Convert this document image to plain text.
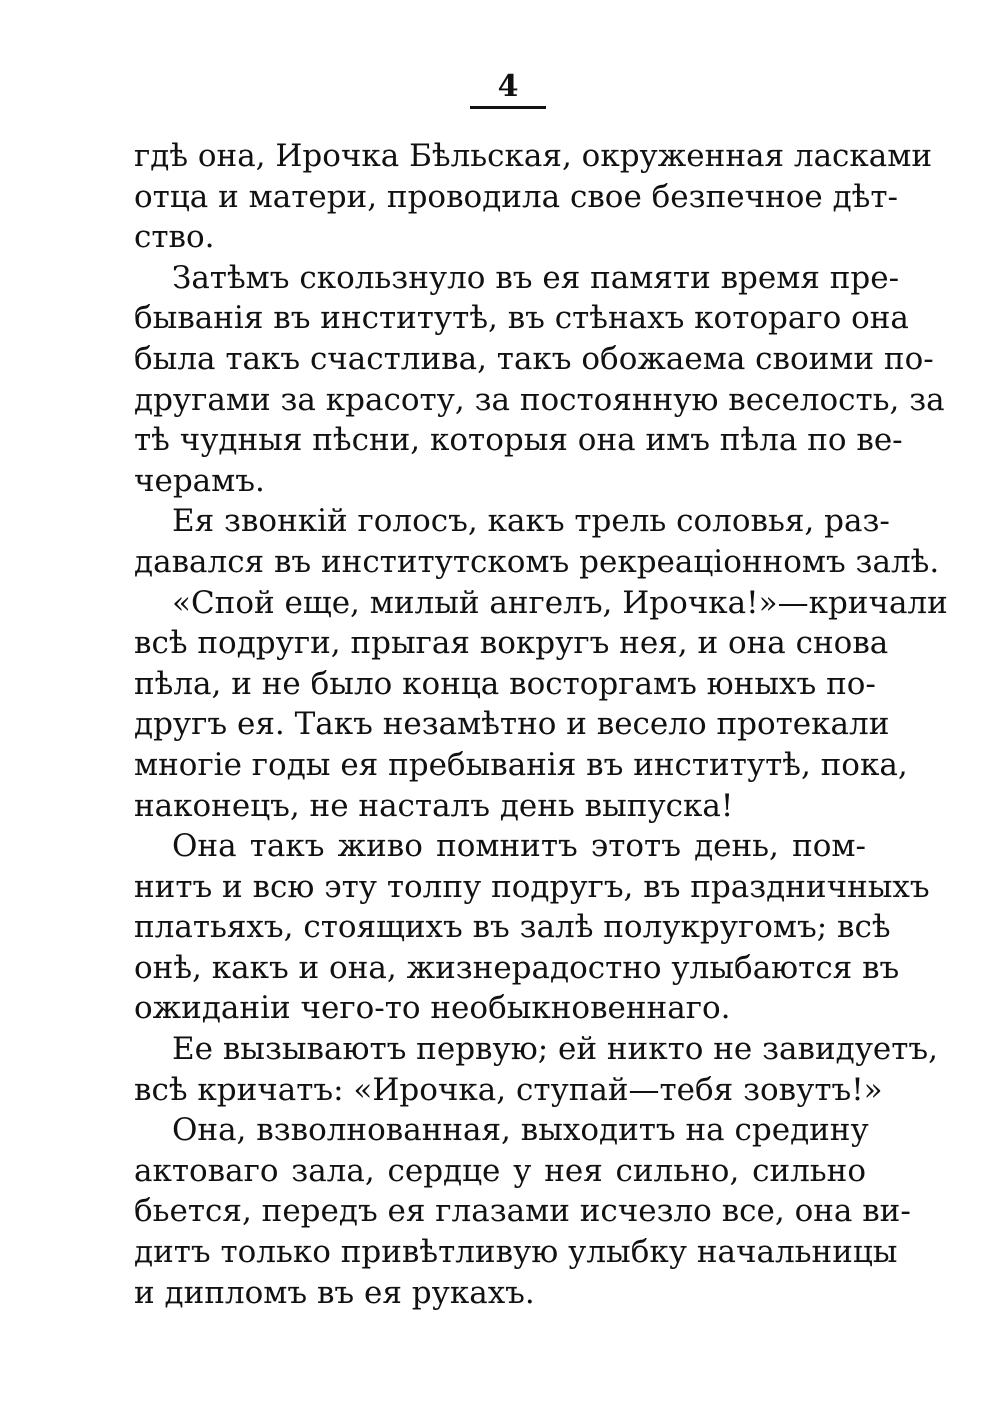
4
гдѣ она, Ирочка Бѣльская, окруженная ласками
отца и матери, проводила свое безпечное дѣт-
ство.
Затѣмъ скользнуло въ ея памяти время пре-
быванія въ институтѣ, въ стѣнахъ котораго она
была такъ счастлива, такъ обожаема своими по-
другами за красоту, за постоянную веселость, за
тѣ чудныя пѣсни, которыя она имъ пѣла по ве-
черамъ.
Ея звонкій голосъ, какъ трель соловья, раз-
давался въ институтскомъ рекреаціонномъ залѣ.
«Спой еще, милый ангелъ, Ирочка!»—кричали
всѣ подруги, прыгая вокругъ нея, и она снова
пѣла, и не было конца восторгамъ юныхъ по-
другъ ея. Такъ незамѣтно и весело протекали
многіе годы ея пребыванія въ институтѣ, пока,
наконецъ, не насталъ день выпуска!
Она такъ живо помнитъ этотъ день, пом-
нитъ и всю эту толпу подругъ, въ праздничныхъ
платьяхъ, стоящихъ въ залѣ полукругомъ; всѣ
онѣ, какъ и она, жизнерадостно улыбаются въ
ожиданіи чего-то необыкновеннаго.
Ее вызываютъ первую; ей никто не завидуетъ,
всѣ кричатъ: «Ирочка, ступай—тебя зовутъ!»
Она, взволнованная, выходитъ на средину
актоваго зала, сердце у нея сильно, сильно
бьется, передъ ея глазами исчезло все, она ви-
дитъ только привѣтливую улыбку начальницы
и дипломъ въ ея рукахъ.
